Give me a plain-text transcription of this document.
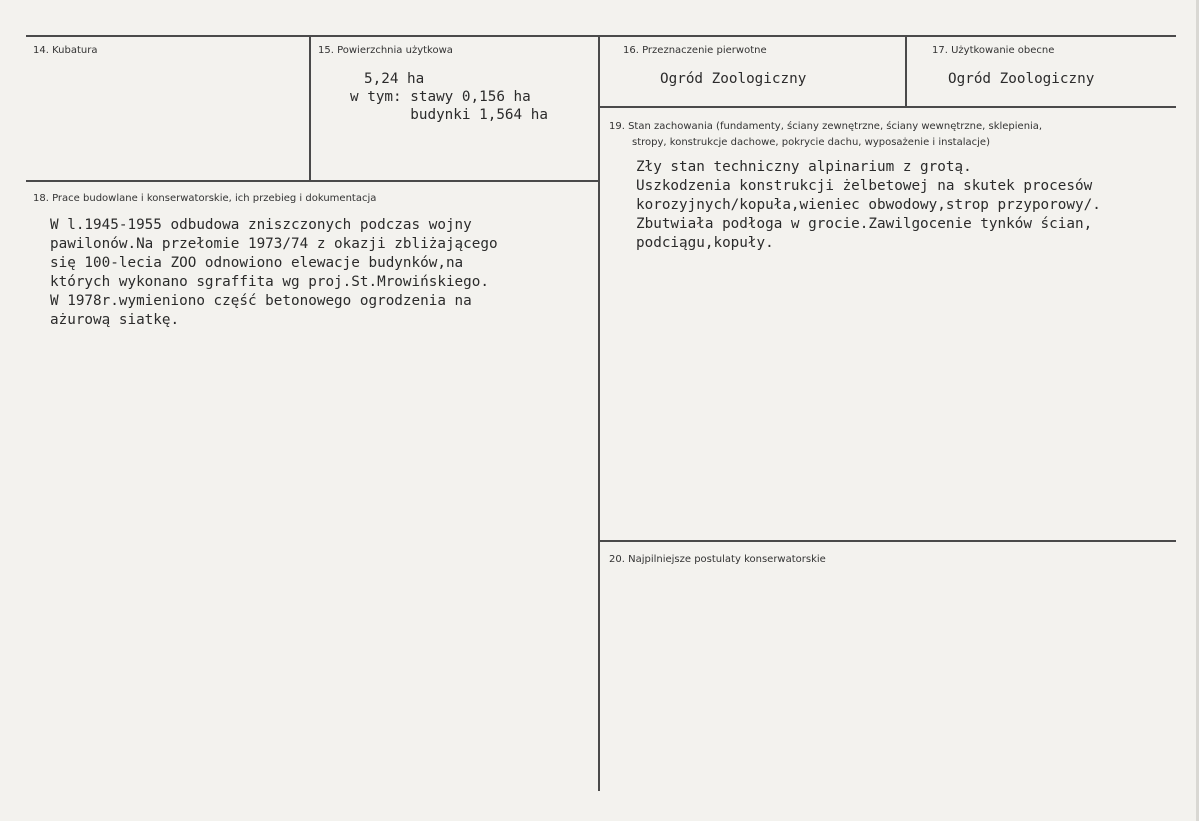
14. Kubatura	15. Powierzchnia użytkowa
5,24 ha
w tym: stawy 0,156 ha
budynki 1,564 ha
16. Przeznaczenie pierwotne
Ogród Zoologiczny
17. Użytkowanie obecne
Ogród Zoologiczny
19. Stan zachowania (fundamenty, ściany zewnętrzne, ściany wewnętrzne, sklepienia,
stropy, konstrukcje dachowe, pokrycie dachu, wyposażenie i instalacje)
Zły stan techniczny alpinarium z grotą.
Uszkodzenia konstrukcji żelbetowej na skutek procesów
korozyjnych/kopuła,wieniec obwodowy,strop przyporowy/.
Zbutwiała podłoga w grocie.Zawilgocenie tynków ścian,
podciągu,kopuły.
18. Prace budowlane i konserwatorskie, ich przebieg i dokumentacja
W l.1945-1955 odbudowa zniszczonych podczas wojny
pawilonów.Na przełomie 1973/74 z okazji zbliżającego
się 100-lecia ZOO odnowiono elewacje budynków,na
których wykonano sgraffita wg proj.St.Mrowińskiego.
W 1978r.wymieniono część betonowego ogrodzenia na
ażurową siatkę.
20. Najpilniejsze postulaty konserwatorskie
